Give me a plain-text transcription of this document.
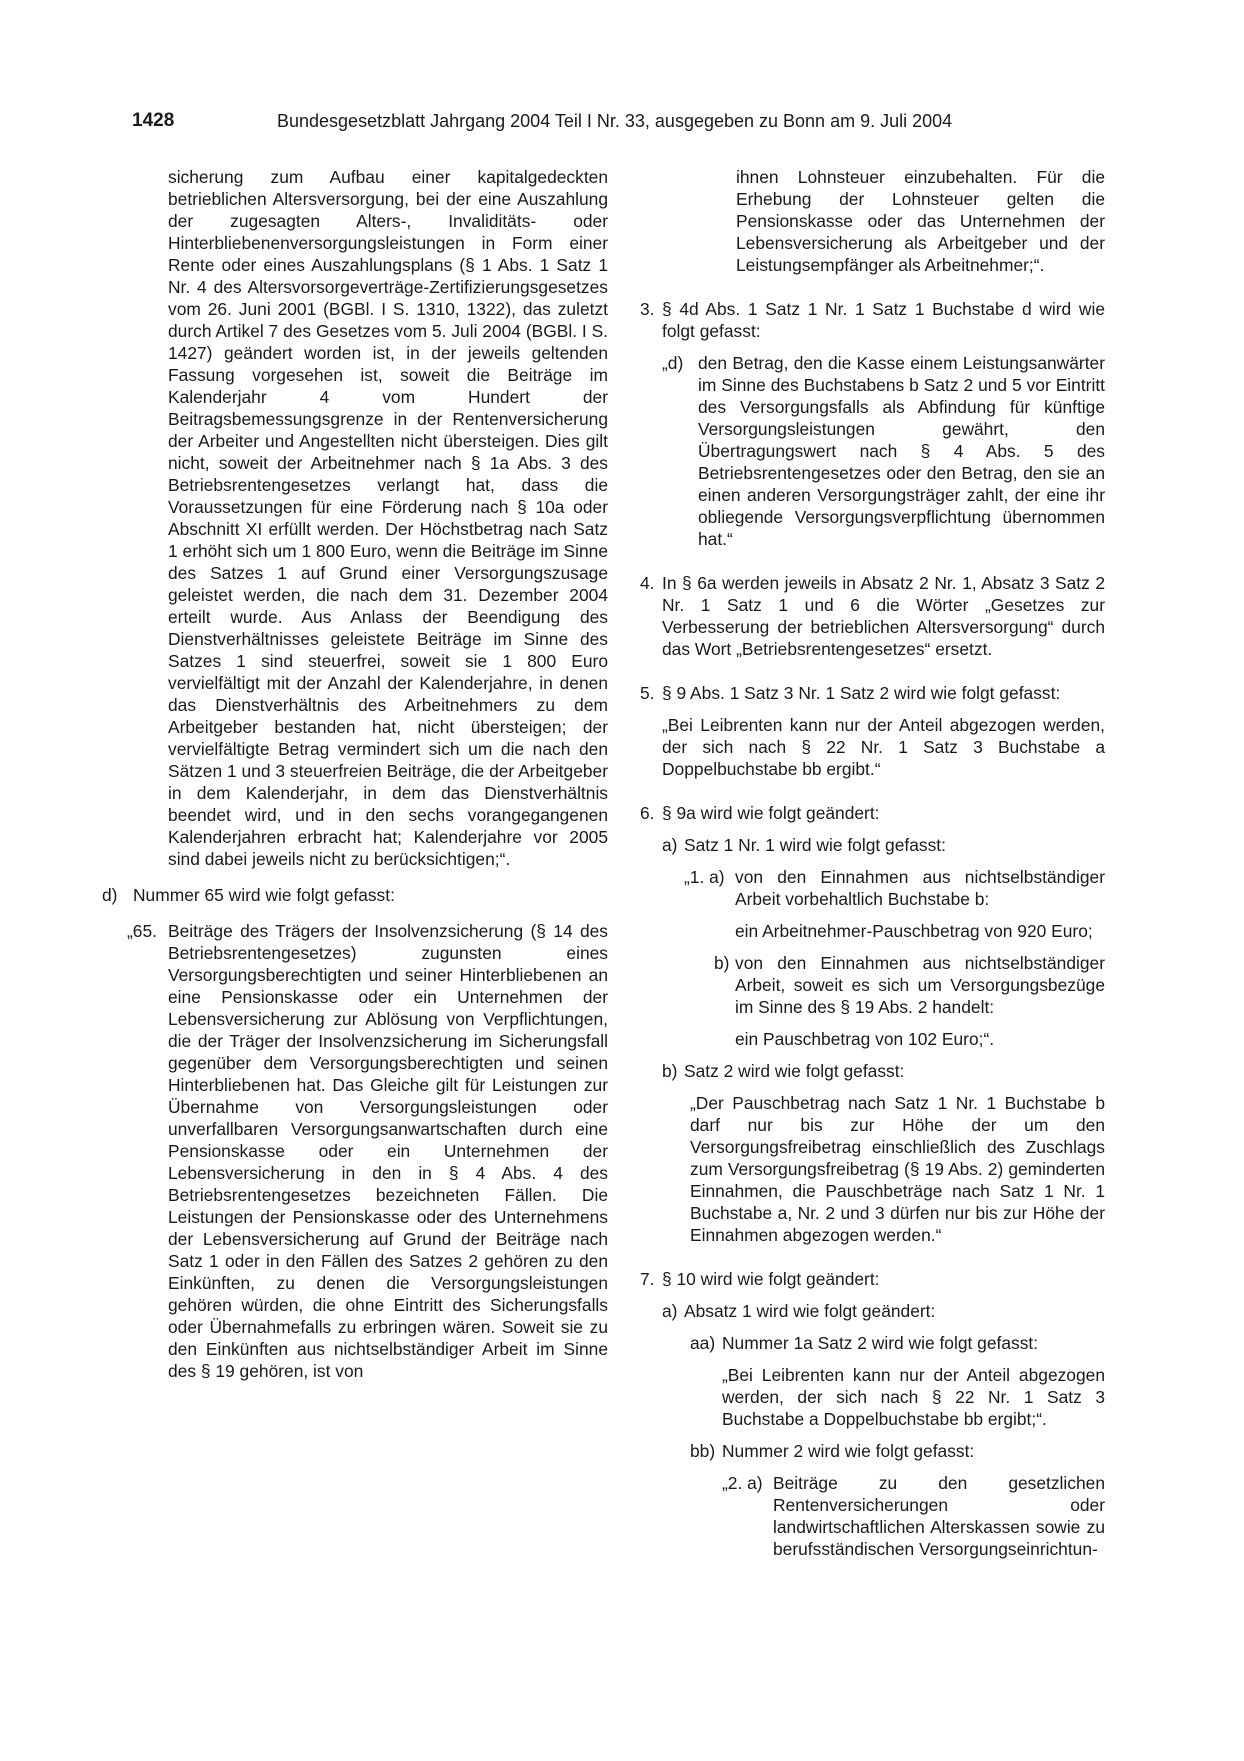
1428	Bundesgesetzblatt Jahrgang 2004 Teil I Nr. 33, ausgegeben zu Bonn am 9. Juli 2004

sicherung zum Aufbau einer kapitalgedeckten betrieblichen Altersversorgung, bei der eine Auszahlung der zugesagten Alters-, Invaliditäts- oder Hinterbliebenenversorgungsleistungen in Form einer Rente oder eines Auszahlungsplans (§ 1 Abs. 1 Satz 1 Nr. 4 des Altersvorsorgeverträge-Zertifizierungsgesetzes vom 26. Juni 2001 (BGBl. I S. 1310, 1322), das zuletzt durch Artikel 7 des Gesetzes vom 5. Juli 2004 (BGBl. I S. 1427) geändert worden ist, in der jeweils geltenden Fassung vorgesehen ist, soweit die Beiträge im Kalenderjahr 4 vom Hundert der Beitragsbemessungsgrenze in der Rentenversicherung der Arbeiter und Angestellten nicht übersteigen. Dies gilt nicht, soweit der Arbeitnehmer nach § 1a Abs. 3 des Betriebsrentengesetzes verlangt hat, dass die Voraussetzungen für eine Förderung nach § 10a oder Abschnitt XI erfüllt werden. Der Höchstbetrag nach Satz 1 erhöht sich um 1 800 Euro, wenn die Beiträge im Sinne des Satzes 1 auf Grund einer Versorgungszusage geleistet werden, die nach dem 31. Dezember 2004 erteilt wurde. Aus Anlass der Beendigung des Dienstverhältnisses geleistete Beiträge im Sinne des Satzes 1 sind steuerfrei, soweit sie 1 800 Euro vervielfältigt mit der Anzahl der Kalenderjahre, in denen das Dienstverhältnis des Arbeitnehmers zu dem Arbeitgeber bestanden hat, nicht übersteigen; der vervielfältigte Betrag vermindert sich um die nach den Sätzen 1 und 3 steuerfreien Beiträge, die der Arbeitgeber in dem Kalenderjahr, in dem das Dienstverhältnis beendet wird, und in den sechs vorangegangenen Kalenderjahren erbracht hat; Kalenderjahre vor 2005 sind dabei jeweils nicht zu berücksichtigen;“.

d) Nummer 65 wird wie folgt gefasst:
„65. Beiträge des Trägers der Insolvenzsicherung (§ 14 des Betriebsrentengesetzes) zugunsten eines Versorgungsberechtigten und seiner Hinterbliebenen an eine Pensionskasse oder ein Unternehmen der Lebensversicherung zur Ablösung von Verpflichtungen, die der Träger der Insolvenzsicherung im Sicherungsfall gegenüber dem Versorgungsberechtigten und seinen Hinterbliebenen hat. Das Gleiche gilt für Leistungen zur Übernahme von Versorgungsleistungen oder unverfallbaren Versorgungsanwartschaften durch eine Pensionskasse oder ein Unternehmen der Lebensversicherung in den in § 4 Abs. 4 des Betriebsrentengesetzes bezeichneten Fällen. Die Leistungen der Pensionskasse oder des Unternehmens der Lebensversicherung auf Grund der Beiträge nach Satz 1 oder in den Fällen des Satzes 2 gehören zu den Einkünften, zu denen die Versorgungsleistungen gehören würden, die ohne Eintritt des Sicherungsfalls oder Übernahmefalls zu erbringen wären. Soweit sie zu den Einkünften aus nichtselbständiger Arbeit im Sinne des § 19 gehören, ist von

ihnen Lohnsteuer einzubehalten. Für die Erhebung der Lohnsteuer gelten die Pensionskasse oder das Unternehmen der Lebensversicherung als Arbeitgeber und der Leistungsempfänger als Arbeitnehmer;“.

3. § 4d Abs. 1 Satz 1 Nr. 1 Satz 1 Buchstabe d wird wie folgt gefasst:

„d) den Betrag, den die Kasse einem Leistungsanwärter im Sinne des Buchstabens b Satz 2 und 5 vor Eintritt des Versorgungsfalls als Abfindung für künftige Versorgungsleistungen gewährt, den Übertragungswert nach § 4 Abs. 5 des Betriebsrentengesetzes oder den Betrag, den sie an einen anderen Versorgungsträger zahlt, der eine ihr obliegende Versorgungsverpflichtung übernommen hat.“

4. In § 6a werden jeweils in Absatz 2 Nr. 1, Absatz 3 Satz 2 Nr. 1 Satz 1 und 6 die Wörter „Gesetzes zur Verbesserung der betrieblichen Altersversorgung“ durch das Wort „Betriebsrentengesetzes“ ersetzt.

5. § 9 Abs. 1 Satz 3 Nr. 1 Satz 2 wird wie folgt gefasst:

„Bei Leibrenten kann nur der Anteil abgezogen werden, der sich nach § 22 Nr. 1 Satz 3 Buchstabe a Doppelbuchstabe bb ergibt.“

6. § 9a wird wie folgt geändert:

a) Satz 1 Nr. 1 wird wie folgt gefasst:

„1. a) von den Einnahmen aus nichtselbständiger Arbeit vorbehaltlich Buchstabe b:

ein Arbeitnehmer-Pauschbetrag von 920 Euro;

b) von den Einnahmen aus nichtselbständiger Arbeit, soweit es sich um Versorgungsbezüge im Sinne des § 19 Abs. 2 handelt:

ein Pauschbetrag von 102 Euro;“.

b) Satz 2 wird wie folgt gefasst:

„Der Pauschbetrag nach Satz 1 Nr. 1 Buchstabe b darf nur bis zur Höhe der um den Versorgungsfreibetrag einschließlich des Zuschlags zum Versorgungsfreibetrag (§ 19 Abs. 2) geminderten Einnahmen, die Pauschbeträge nach Satz 1 Nr. 1 Buchstabe a, Nr. 2 und 3 dürfen nur bis zur Höhe der Einnahmen abgezogen werden.“

7. § 10 wird wie folgt geändert:

a) Absatz 1 wird wie folgt geändert:

aa) Nummer 1a Satz 2 wird wie folgt gefasst:

„Bei Leibrenten kann nur der Anteil abgezogen werden, der sich nach § 22 Nr. 1 Satz 3 Buchstabe a Doppelbuchstabe bb ergibt;“.

bb) Nummer 2 wird wie folgt gefasst:

„2. a) Beiträge zu den gesetzlichen Rentenversicherungen oder landwirtschaftlichen Alterskassen sowie zu berufsständischen Versorgungseinrichtun-
